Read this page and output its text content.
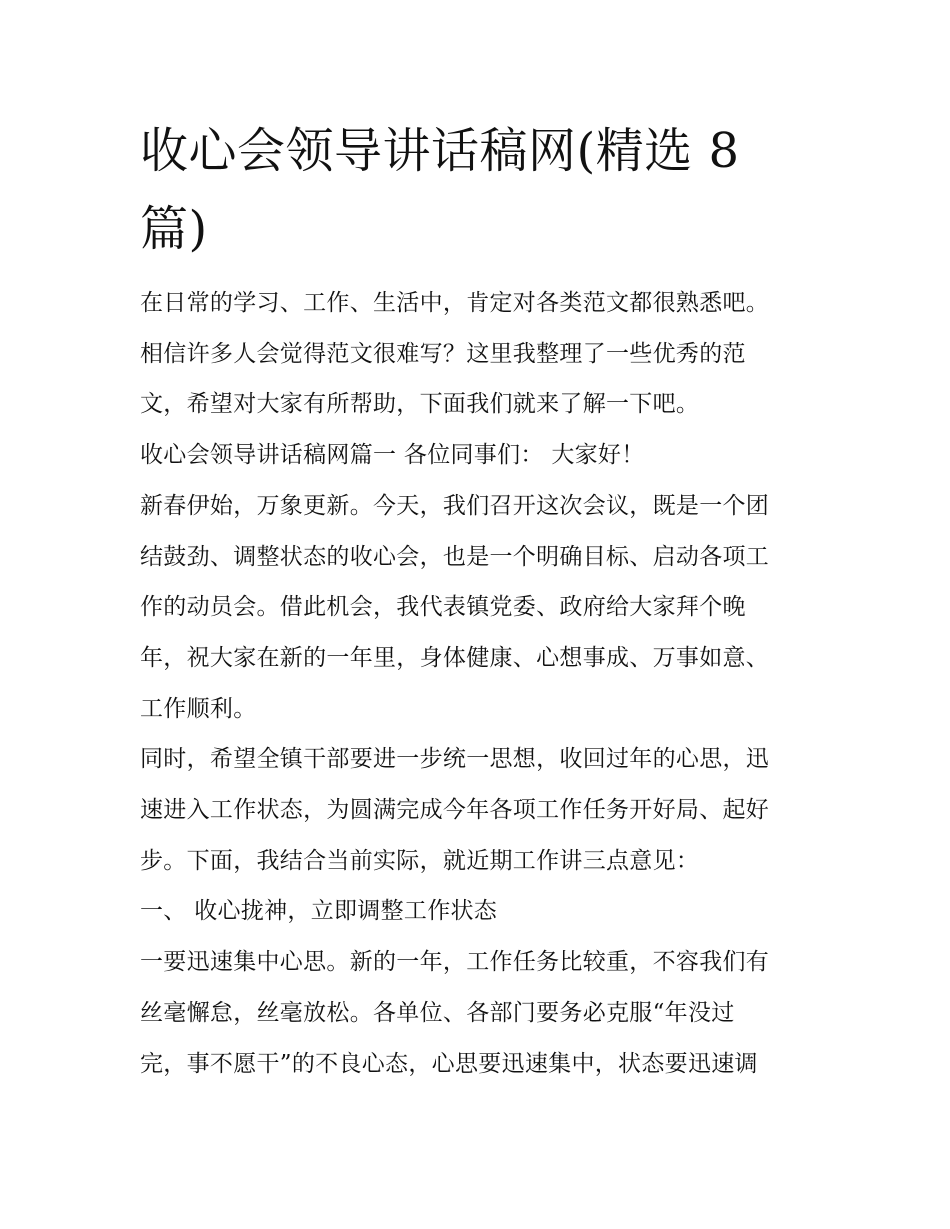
收心会领导讲话稿网(精选 8
篇)

在日常的学习、工作、生活中，肯定对各类范文都很熟悉吧。
相信许多人会觉得范文很难写？这里我整理了一些优秀的范
文，希望对大家有所帮助，下面我们就来了解一下吧。

收心会领导讲话稿网篇一 各位同事们： 大家好！

新春伊始，万象更新。今天，我们召开这次会议，既是一个团
结鼓劲、调整状态的收心会，也是一个明确目标、启动各项工
作的动员会。借此机会，我代表镇党委、政府给大家拜个晚
年，祝大家在新的一年里，身体健康、心想事成、万事如意、
工作顺利。

同时，希望全镇干部要进一步统一思想，收回过年的心思，迅
速进入工作状态，为圆满完成今年各项工作任务开好局、起好
步。下面，我结合当前实际，就近期工作讲三点意见：

一、 收心拢神，立即调整工作状态

一要迅速集中心思。新的一年，工作任务比较重，不容我们有
丝毫懈怠，丝毫放松。各单位、各部门要务必克服“年没过
完，事不愿干”的不良心态，心思要迅速集中，状态要迅速调
